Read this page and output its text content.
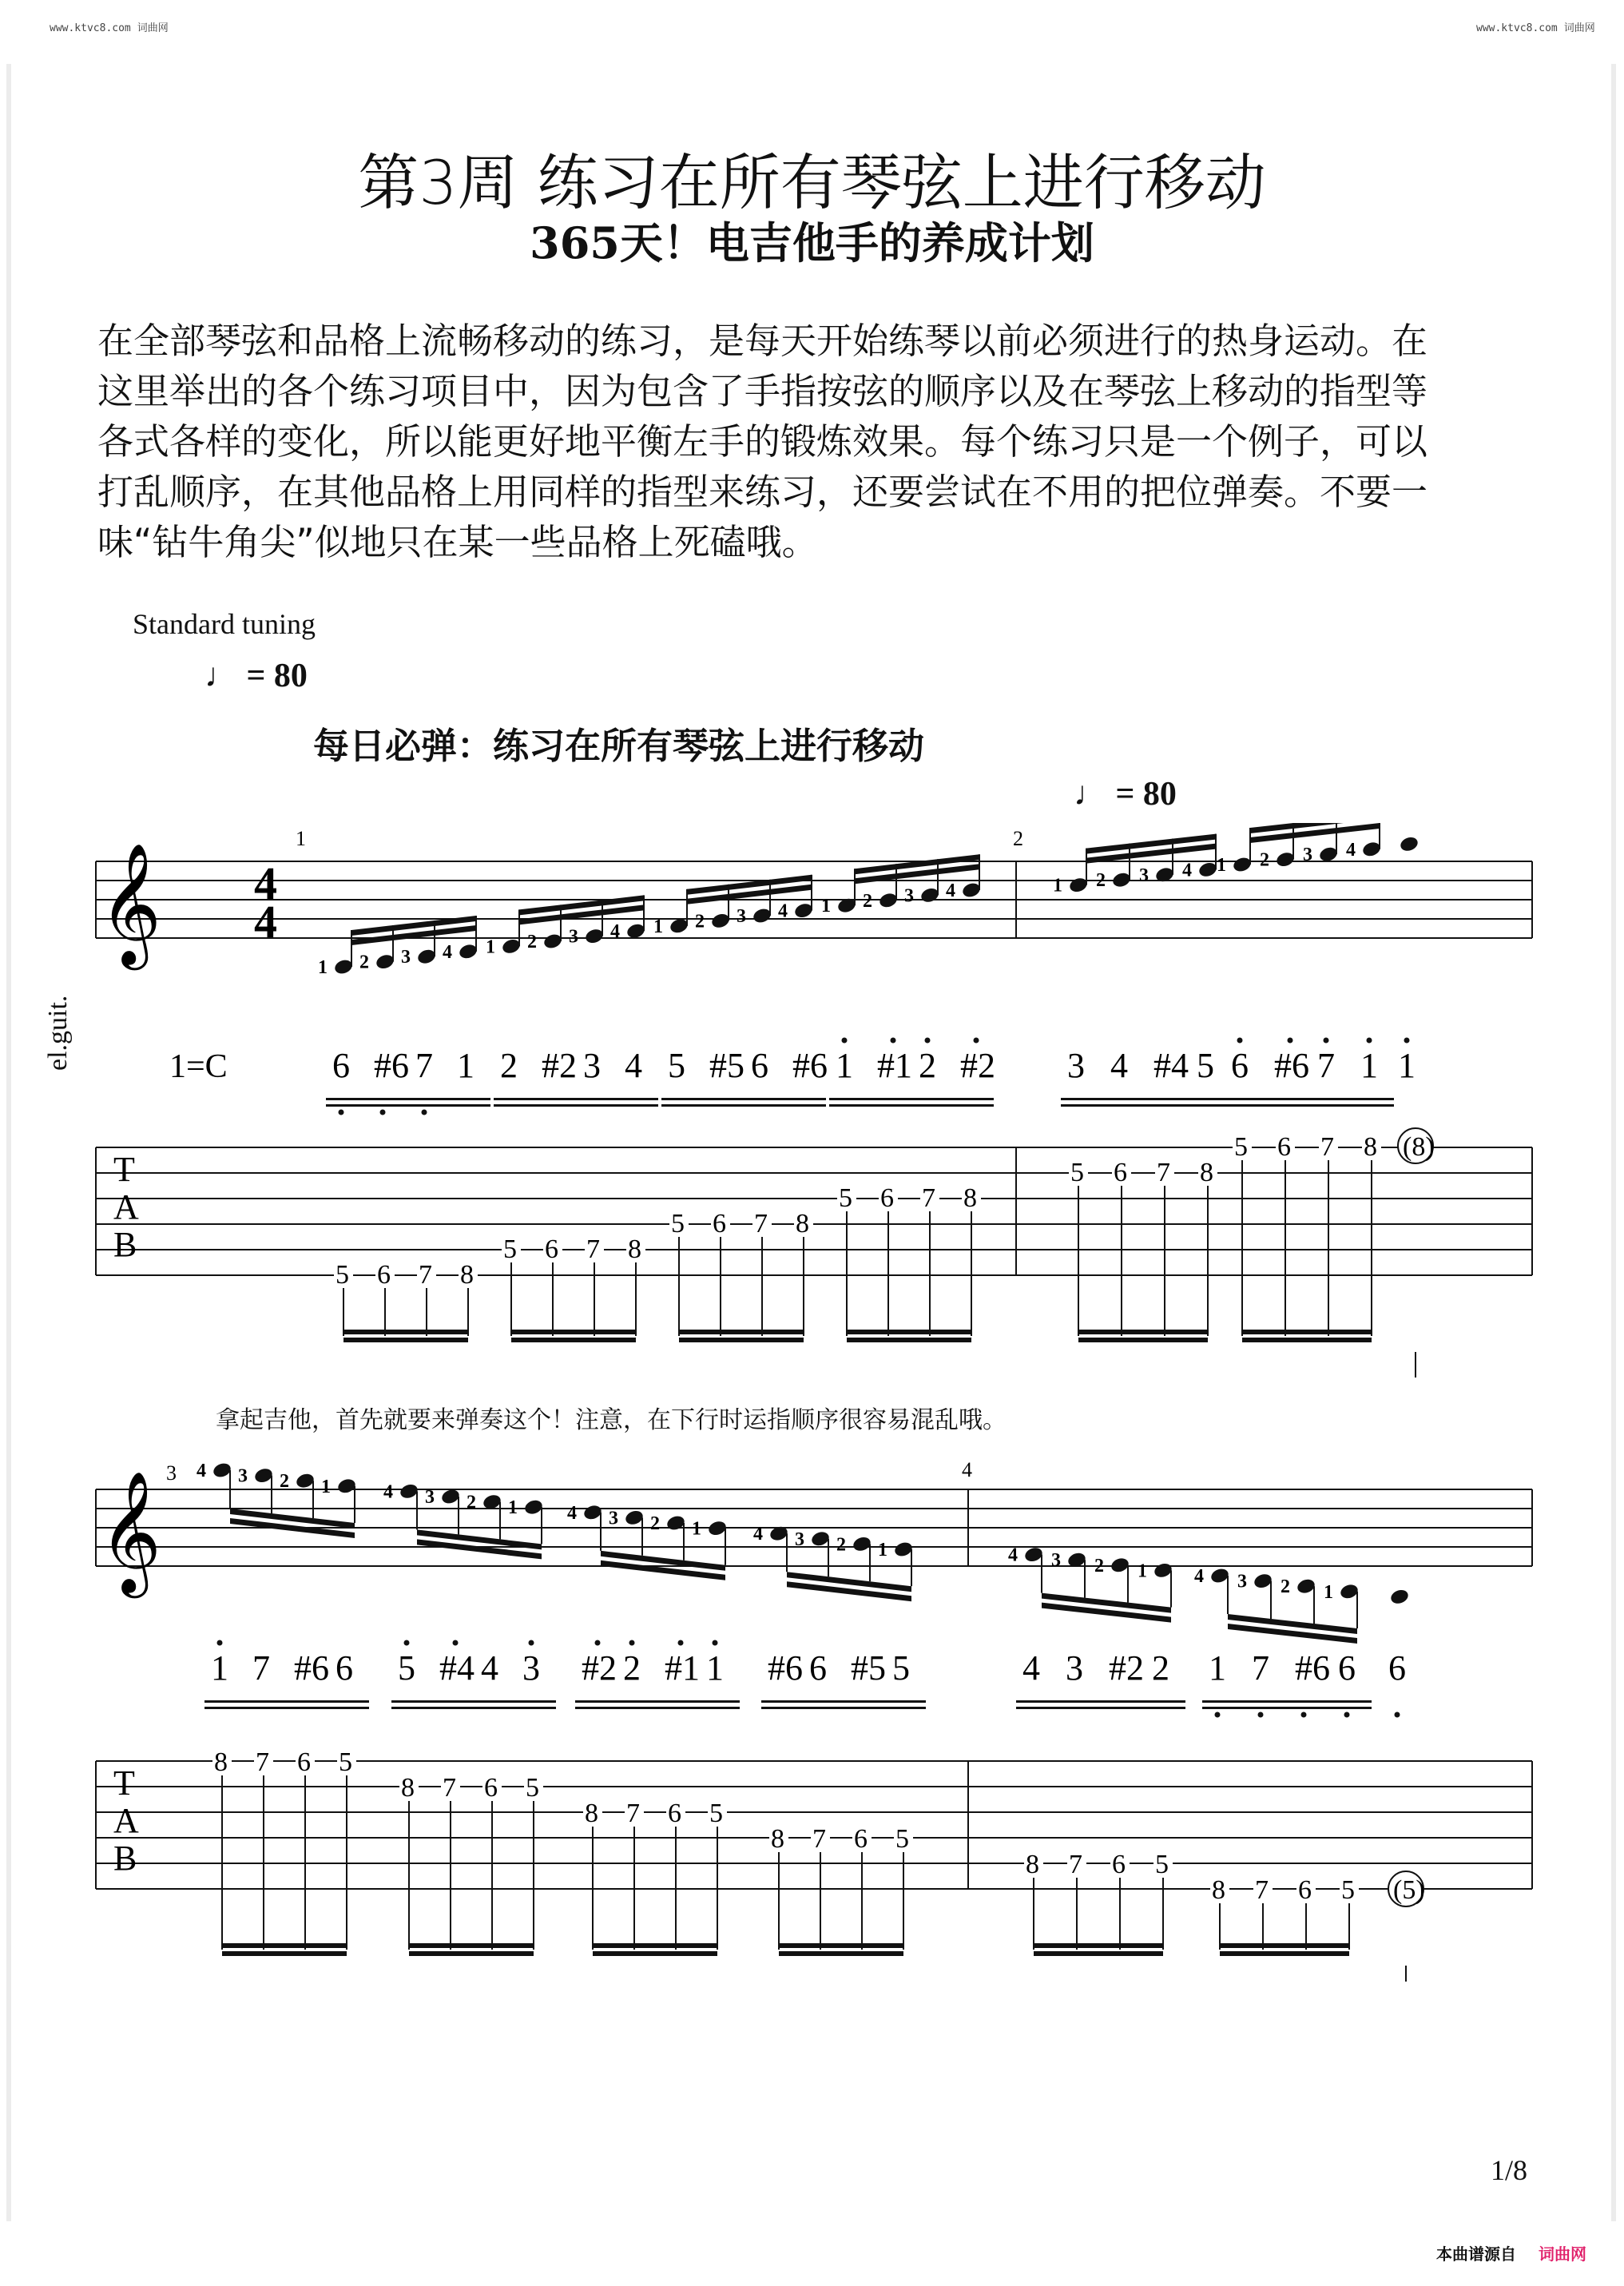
www.ktvc8.com 词曲网	www.ktvc8.com 词曲网
第3周 练习在所有琴弦上进行移动
365天！电吉他手的养成计划
在全部琴弦和品格上流畅移动的练习，是每天开始练琴以前必须进行的热身运动。在这里举出的各个练习项目中，因为包含了手指按弦的顺序以及在琴弦上移动的指型等各式各样的变化，所以能更好地平衡左手的锻炼效果。每个练习只是一个例子，可以打乱顺序，在其他品格上用同样的指型来练习，还要尝试在不用的把位弹奏。不要一味“钻牛角尖”似地只在某一些品格上死磕哦。
Standard tuning
♩ = 80
每日必弹：练习在所有琴弦上进行移动
♩ = 80
el.guit.
𝄞 4
4
1	2
1 2 3 4 1 2 3 4 1 2 3 4 1 2 3 4	1 2 3 4 1 2 3 4
1=C	6 #6 7 1 2 #2 3 4 5 #5 6 #6 1 #1 2 #2 3 4 #4 5 6 #6 7 1 1
T
A
B
5 6 7 8
5 6 7 8
5 6 7 8
5 6 7 8
5 6 7 8
5 6 7 8 (8)
拿起吉他，首先就要来弹奏这个！注意，在下行时运指顺序很容易混乱哦。
𝄞
3	4
4 3 2 1	4 3 2 1	4 3 2 1	4 3 2 1	4 3 2 1 4 3 2 1
1 7 #6 6 5 #4 4 3 #2 2 #1 1 #6 6 #5 5	4 3 #2 2 1 7 #6 6 6
T
A
B
8 7 6 5
8 7 6 5
8 7 6 5
8 7 6 5
8 7 6 5
8 7 6 5 (5)
1/8
本曲谱源自 词曲网
